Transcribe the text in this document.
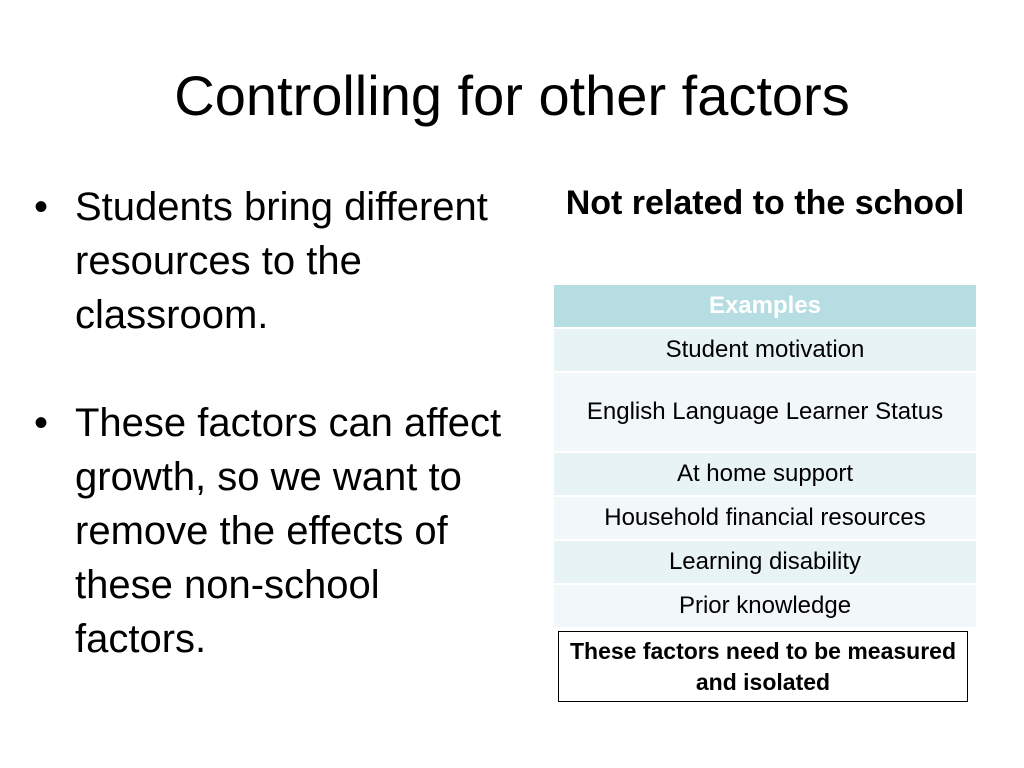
Controlling for other factors
• Students bring different resources to the classroom.
• These factors can affect growth, so we want to remove the effects of these non-school factors.
Not related to the school
Examples
Student motivation
English Language Learner Status
At home support
Household financial resources
Learning disability
Prior knowledge
These factors need to be measured and isolated
